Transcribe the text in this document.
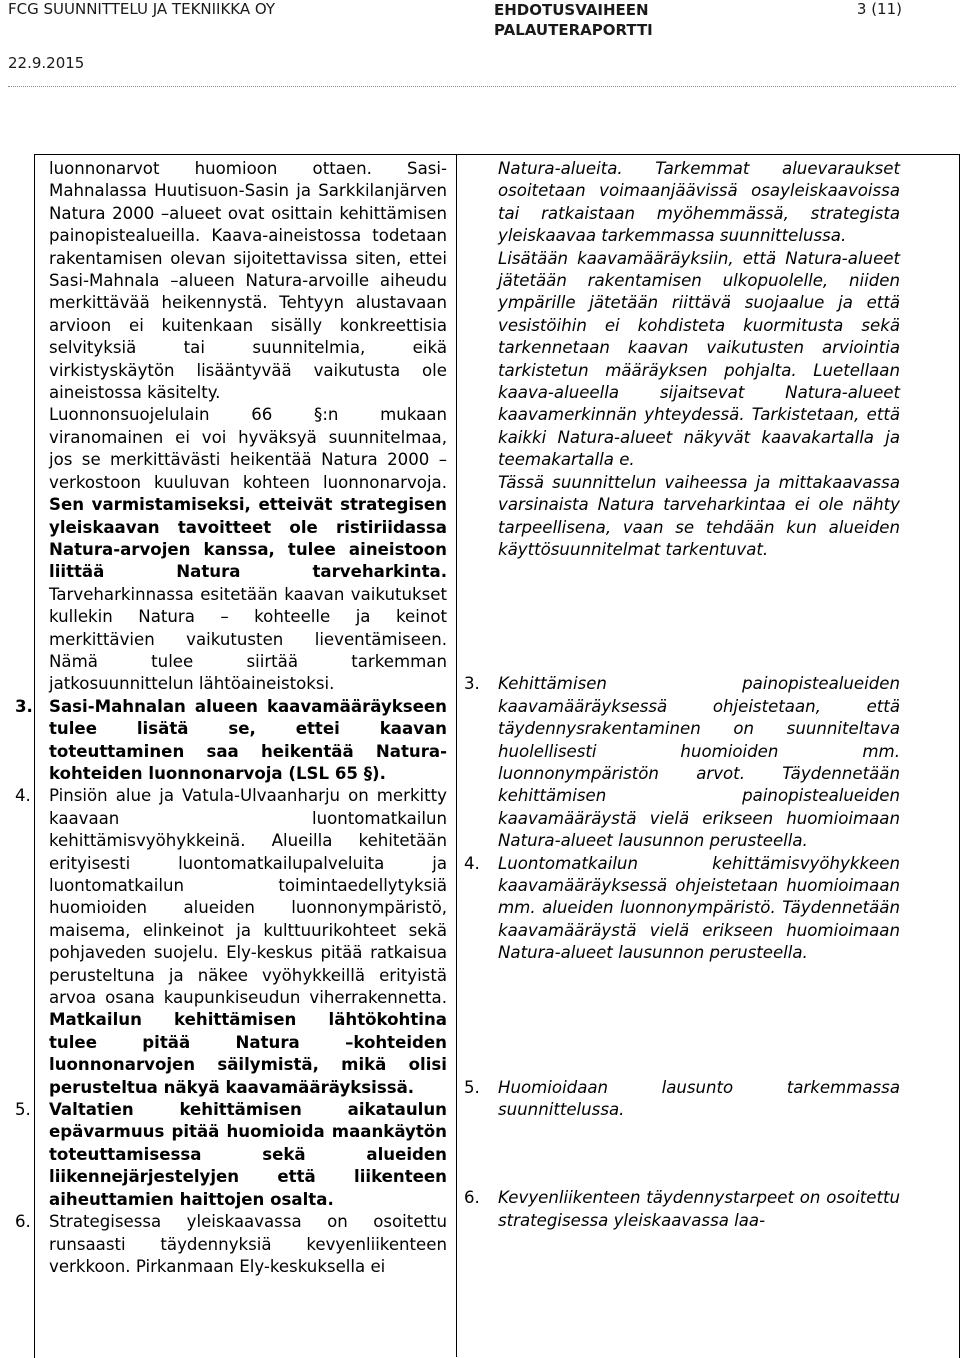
FCG SUUNNITTELU JA TEKNIIKKA OY	EHDOTUSVAIHEEN
PALAUTERAPORTTI
3 (11)
22.9.2015

luonnonarvot huomioon ottaen. Sasi-Mahnalassa Huutisuon-Sasin ja Sarkkilanjärven Natura 2000 –alueet ovat osittain kehittämisen painopistealueilla. Kaava-aineistossa todetaan rakentamisen olevan sijoitettavissa siten, ettei Sasi-Mahnala –alueen Natura-arvoille aiheudu merkittävää heikennystä. Tehtyyn alustavaan arvioon ei kuitenkaan sisälly konkreettisia selvityksiä tai suunnitelmia, eikä virkistyskäytön lisääntyvää vaikutusta ole aineistossa käsitelty.

Luonnonsuojelulain 66 §:n mukaan viranomainen ei voi hyväksyä suunnitelmaa, jos se merkittävästi heikentää Natura 2000 –verkostoon kuuluvan kohteen luonnonarvoja. Sen varmistamiseksi, etteivät strategisen yleiskaavan tavoitteet ole ristiriidassa Natura-arvojen kanssa, tulee aineistoon liittää Natura tarveharkinta. Tarveharkinnassa esitetään kaavan vaikutukset kullekin Natura – kohteelle ja keinot merkittävien vaikutusten lieventämiseen. Nämä tulee siirtää tarkemman jatkosuunnittelun lähtöaineistoksi.

3. Sasi-Mahnalan alueen kaavamääräykseen tulee lisätä se, ettei kaavan toteuttaminen saa heikentää Natura-kohteiden luonnonarvoja (LSL 65 §).
4. Pinsiön alue ja Vatula-Ulvaanharju on merkitty kaavaan luontomatkailun kehittämisvyöhykkeinä. Alueilla kehitetään erityisesti luontomatkailupalveluita ja luontomatkailun toimintaedellytyksiä huomioiden alueiden luonnonympäristö, maisema, elinkeinot ja kulttuurikohteet sekä pohjaveden suojelu. Ely-keskus pitää ratkaisua perusteltuna ja näkee vyöhykkeillä erityistä arvoa osana kaupunkiseudun viherrakennetta. Matkailun kehittämisen lähtökohtina tulee pitää Natura –kohteiden luonnonarvojen säilymistä, mikä olisi perusteltua näkyä kaavamääräyksissä.
5. Valtatien kehittämisen aikataulun epävarmuus pitää huomioida maankäytön toteuttamisessa sekä alueiden liikennejärjestelyjen että liikenteen aiheuttamien haittojen osalta.
6. Strategisessa yleiskaavassa on osoitettu runsaasti täydennyksiä kevyenliikenteen verkkoon. Pirkanmaan Ely-keskuksella ei

Natura-alueita. Tarkemmat aluevaraukset osoitetaan voimaanjäävissä osayleiskaavoissa tai ratkaistaan myöhemmässä, strategista yleiskaavaa tarkemmassa suunnittelussa.

Lisätään kaavamääräyksiin, että Natura-alueet jätetään rakentamisen ulkopuolelle, niiden ympärille jätetään riittävä suojaalue ja että vesistöihin ei kohdisteta kuormitusta sekä tarkennetaan kaavan vaikutusten arviointia tarkistetun määräyksen pohjalta. Luetellaan kaava-alueella sijaitsevat Natura-alueet kaavamerkinnän yhteydessä. Tarkistetaan, että kaikki Natura-alueet näkyvät kaavakartalla ja teemakartalla e.

Tässä suunnittelun vaiheessa ja mittakaavassa varsinaista Natura tarveharkintaa ei ole nähty tarpeellisena, vaan se tehdään kun alueiden käyttösuunnitelmat tarkentuvat.

3. Kehittämisen painopistealueiden kaavamääräyksessä ohjeistetaan, että täydennysrakentaminen on suunniteltava huolellisesti huomioiden mm. luonnonympäristön arvot. Täydennetään kehittämisen painopistealueiden kaavamääräystä vielä erikseen huomioimaan Natura-alueet lausunnon perusteella.
4. Luontomatkailun kehittämisvyöhykkeen kaavamääräyksessä ohjeistetaan huomioimaan mm. alueiden luonnonympäristö. Täydennetään kaavamääräystä vielä erikseen huomioimaan Natura-alueet lausunnon perusteella.
5. Huomioidaan lausunto tarkemmassa suunnittelussa.
6. Kevyenliikenteen täydennystarpeet on osoitettu strategisessa yleiskaavassa laa-
